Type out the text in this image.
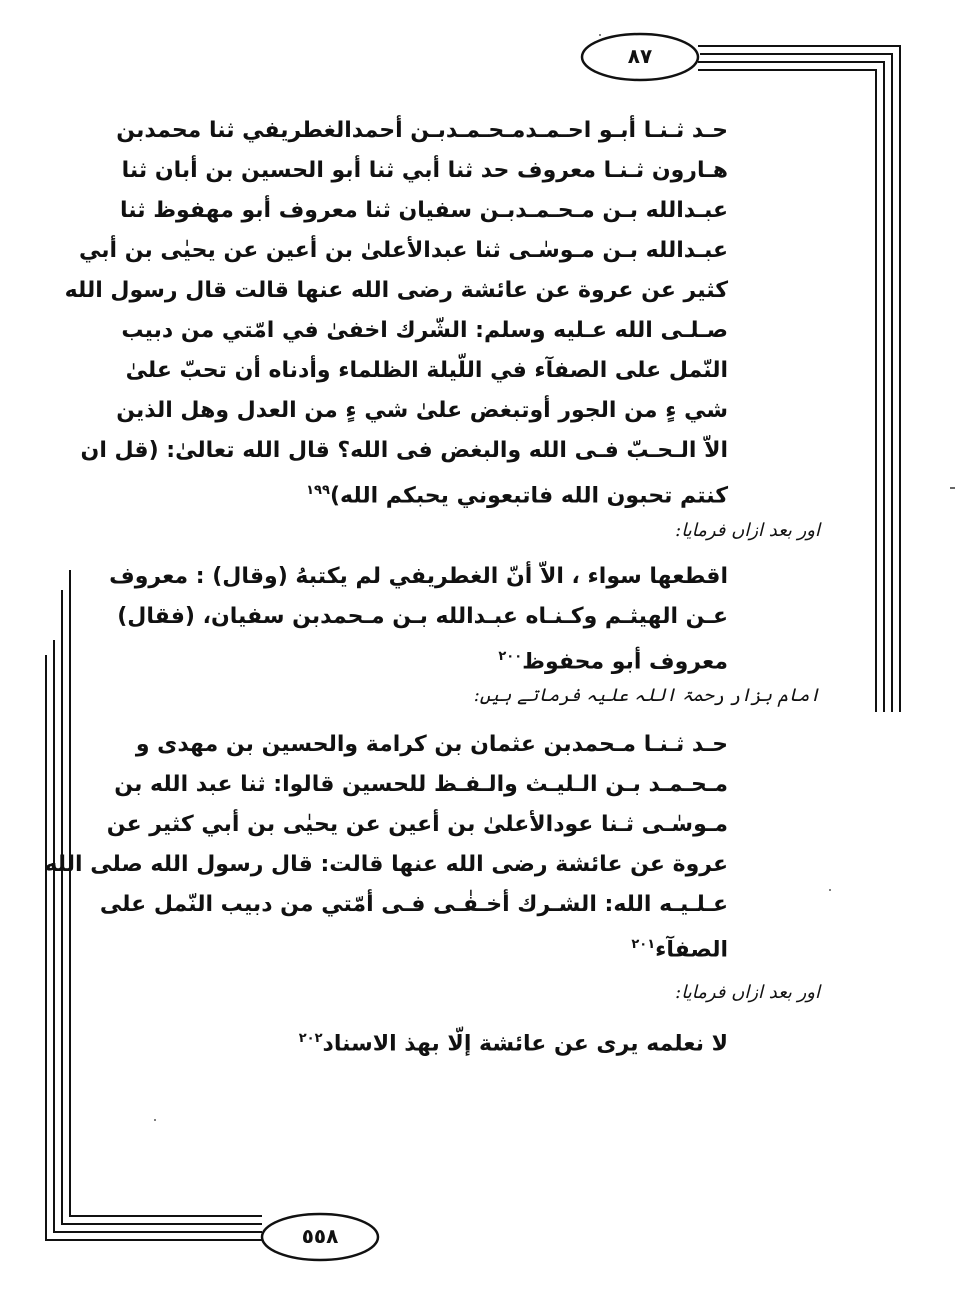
٨٧
٥٥٨
حـد ثـنـا أبـو احـمـدمـحـمـدبـن أحمدالغطريفي ثنا محمدبن
هـارون ثـنـا معروف حد ثنا أبي ثنا أبو الحسين بن أبان ثنا
عبـدالله بـن مـحـمـدبـن سفيان ثنا معروف أبو مهفوظ ثنا
عبـدالله بـن مـوسٰـى ثنا عبدالأعلىٰ بن أعين عن يحيٰى بن أبي
كثير عن عروة عن عائشة رضى الله عنها قالت قال رسول الله
صـلـى الله عـليه وسلم: الشّرك اخفىٰ في امّتي من دبيب
النّمل على الصفآء في اللّيلة الظلماء وأدناه أن تحبّ علىٰ
شي ءٍ من الجور أوتبغض علىٰ شي ءٍ من العدل وهل الذين
الاّ الـحـبّ فـى الله والبغض فى الله؟ قال الله تعالىٰ: (قل ان
كنتم تحبون الله فاتبعوني يحبكم الله)$^{١٩٩}$
اور بعد ازاں فرمایا:
اقطعها سواء ، الاّ أنّ الغطريفي لم يكتبهُ (وقال) : معروف
عـن الهيثـم وكـنـاه عبـدالله بـن مـحمدبن سفيان، (فقال)
معروف أبو محفوظ$^{٢٠٠}$
امام بزار رحمۃ اللہ علیہ فرماتے ہیں:
حـد ثـنـا مـحمدبن عثمان بن كرامة والحسين بن مهدى و
مـحـمـد بـن الـليـث والـفـظ للحسين قالوا: ثنا عبد الله بن
مـوسٰـى ثـنا عودالأعلىٰ بن أعين عن يحيٰى بن أبي كثير عن
عروة عن عائشة رضى الله عنها قالت: قال رسول الله صلى الله
عـلـيـه الله: الشـرك أخـفٰـى فـى أمّتي من دبيب النّمل على
الصفآء$^{٢٠١}$
اور بعد ازاں فرمایا:
لا نعلمه يرى عن عائشة إلّا بهذ الاسناد$^{٢٠٢}$
